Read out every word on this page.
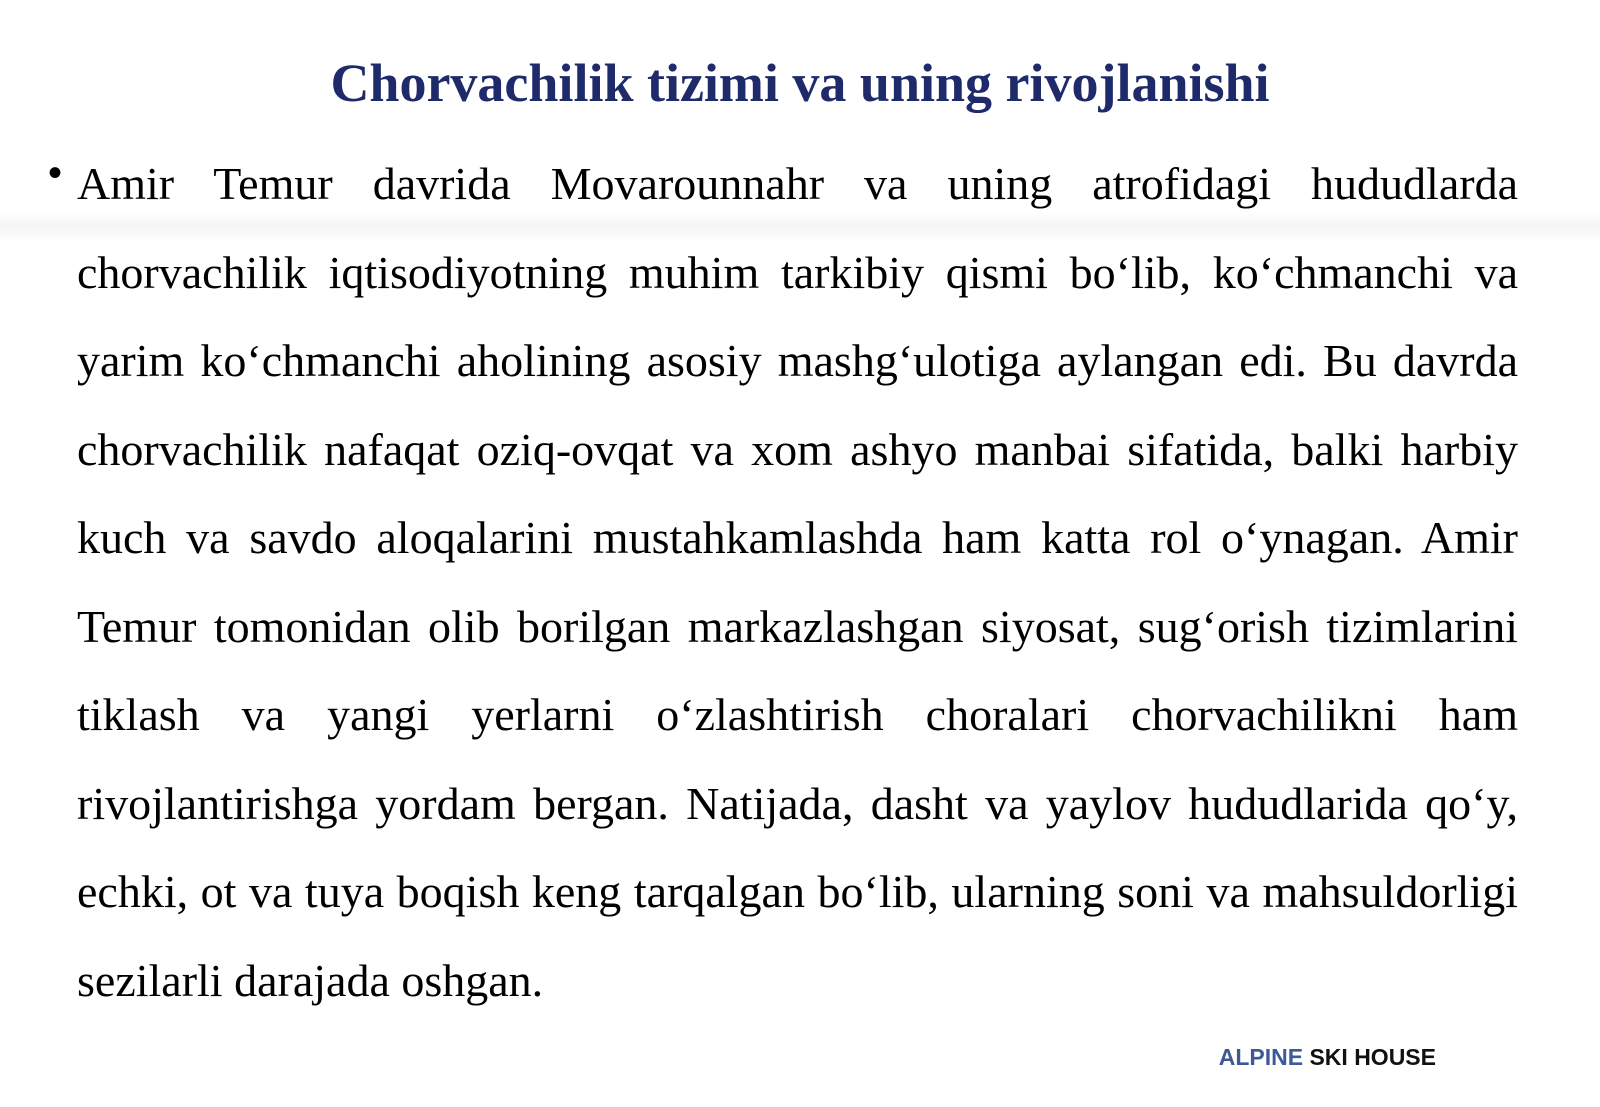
Chorvachilik tizimi va uning rivojlanishi
• Amir Temur davrida Movarounnahr va uning atrofidagi hududlarda chorvachilik iqtisodiyotning muhim tarkibiy qismi bo‘lib, ko‘chmanchi va yarim ko‘chmanchi aholining asosiy mashg‘ulotiga aylangan edi. Bu davrda chorvachilik nafaqat oziq-ovqat va xom ashyo manbai sifatida, balki harbiy kuch va savdo aloqalarini mustahkamlashda ham katta rol o‘ynagan. Amir Temur tomonidan olib borilgan markazlashgan siyosat, sug‘orish tizimlarini tiklash va yangi yerlarni o‘zlashtirish choralari chorvachilikni ham rivojlantirishga yordam bergan. Natijada, dasht va yaylov hududlarida qo‘y, echki, ot va tuya boqish keng tarqalgan bo‘lib, ularning soni va mahsuldorligi sezilarli darajada oshgan.
ALPINE SKI HOUSE
